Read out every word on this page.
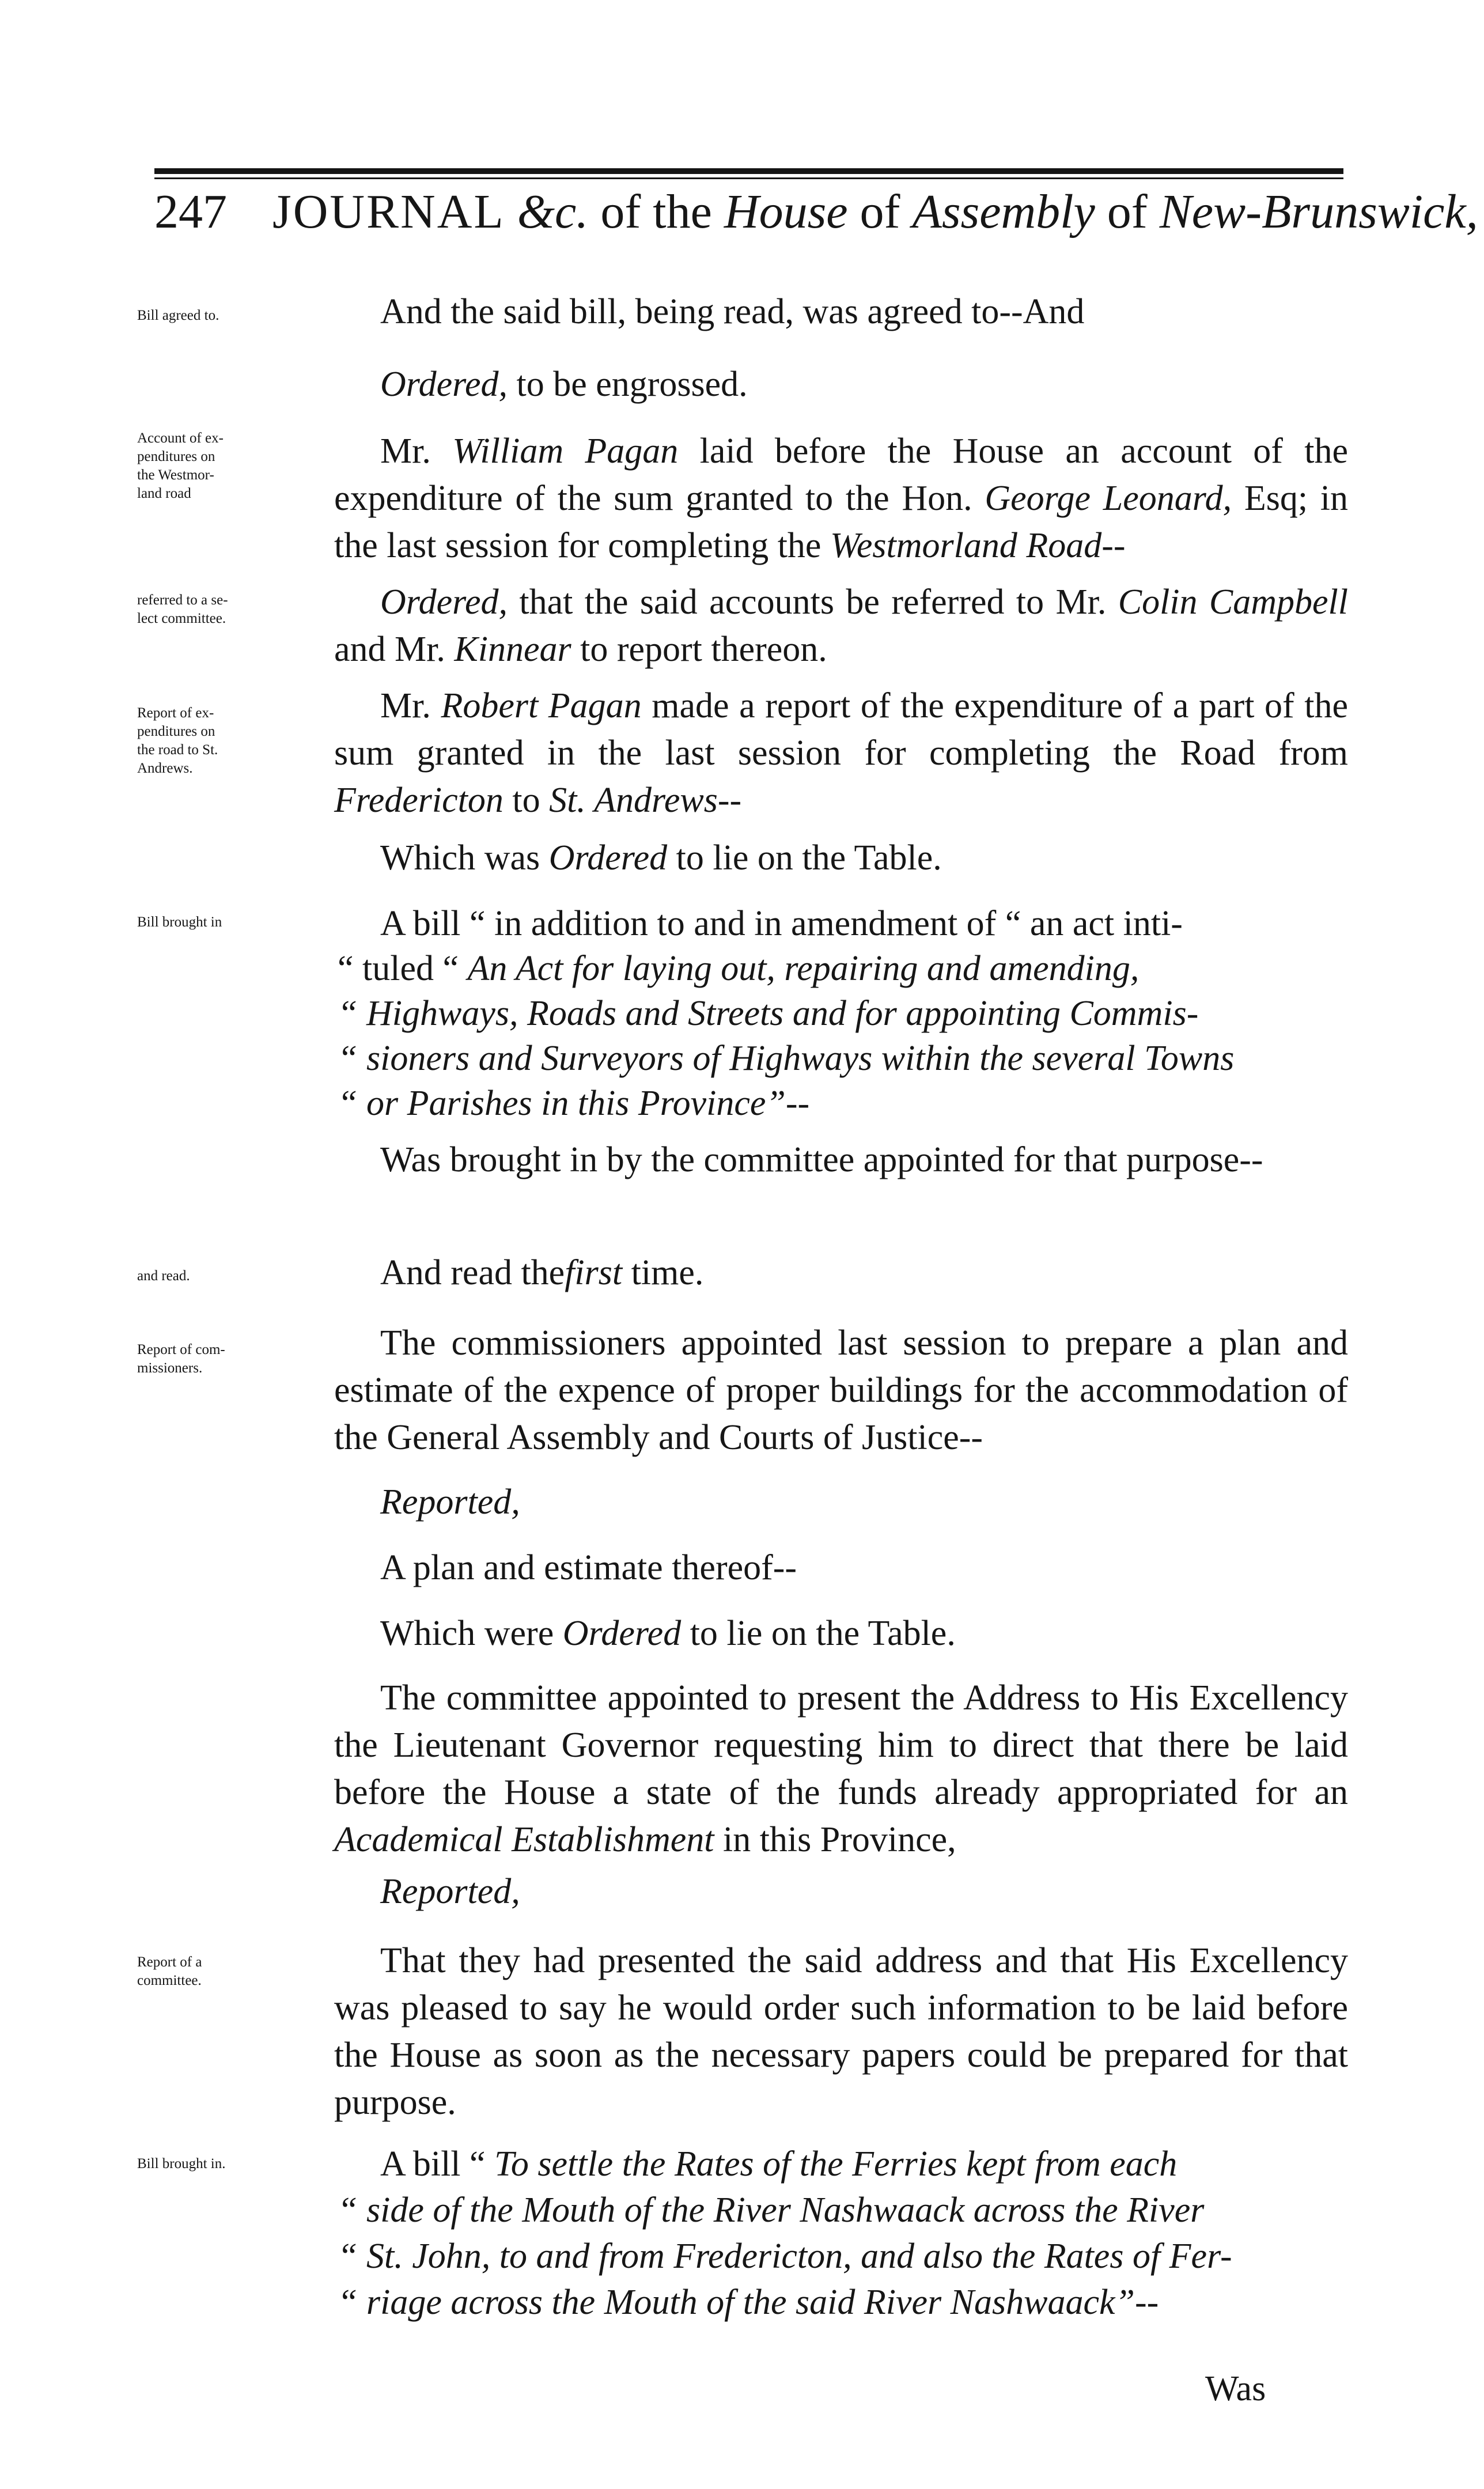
247 JOURNAL &c. of the House of Assembly of New-Brunswick,
Bill agreed to.
Account of ex-
penditures on
the Westmor-
land road
referred to a se-
lect committee.
Report of ex-
penditures on
the road to St.
Andrews.
Bill brought in
and read.
Report of com-
missioners.
Report of a
committee.
Bill brought in.

And the said bill, being read, was agreed to--And

Ordered, to be engrossed.

Mr. William Pagan laid before the House an account of the expenditure of the sum granted to the Hon. George Leonard, Esq; in the last session for completing the Westmorland Road--

Ordered, that the said accounts be referred to Mr. Colin Campbell and Mr. Kinnear to report thereon.

Mr. Robert Pagan made a report of the expenditure of a part of the sum granted in the last session for completing the Road from Fredericton to St. Andrews--

Which was Ordered to lie on the Table.

A bill “ in addition to and in amendment of “ an act inti-

“ tuled “ An Act for laying out, repairing and amending,

“ Highways, Roads and Streets and for appointing Commis-

“ sioners and Surveyors of Highways within the several Towns

“ or Parishes in this Province”--

Was brought in by the committee appointed for that purpose--

And read thefirst time.

The commissioners appointed last session to prepare a plan and estimate of the expence of proper buildings for the accommodation of the General Assembly and Courts of Justice--

Reported,

A plan and estimate thereof--

Which were Ordered to lie on the Table.

The committee appointed to present the Address to His Excellency the Lieutenant Governor requesting him to direct that there be laid before the House a state of the funds already appropriated for an Academical Establishment in this Province,

Reported,

That they had presented the said address and that His Excellency was pleased to say he would order such information to be laid before the House as soon as the necessary papers could be prepared for that purpose.

A bill “ To settle the Rates of the Ferries kept from each

“ side of the Mouth of the River Nashwaack across the River

“ St. John, to and from Fredericton, and also the Rates of Fer-

“ riage across the Mouth of the said River Nashwaack”--

Was
